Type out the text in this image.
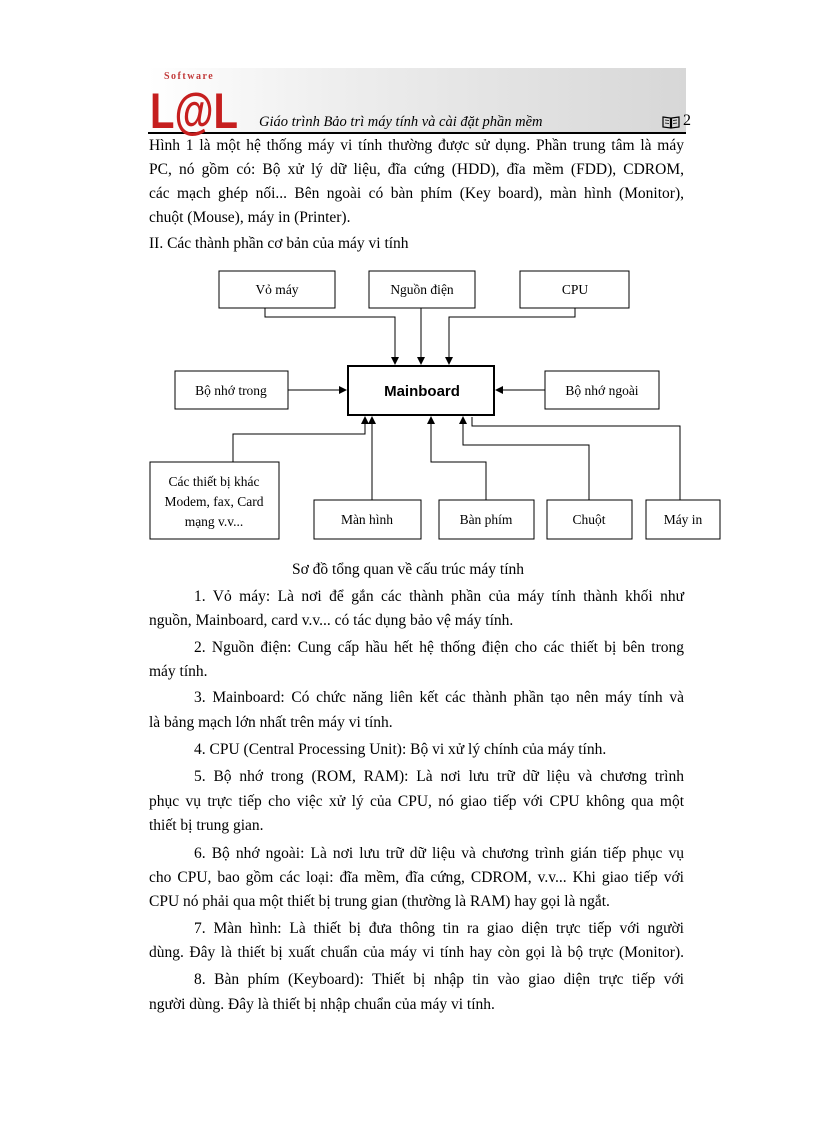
Software
L@L Giáo trình Bảo trì máy tính và cài đặt phần mềm	2
Hình 1 là một hệ thống máy vi tính thường được sử dụng. Phần trung tâm là máy
PC, nó gồm có: Bộ xử lý dữ liệu, đĩa cứng (HDD), đĩa mềm (FDD), CDROM,
các mạch ghép nối... Bên ngoài có bàn phím (Key board), màn hình (Monitor),
chuột (Mouse), máy in (Printer).
II. Các thành phần cơ bản của máy vi tính
Vỏ máy	Nguồn điện	CPU
Mainboard
Bộ nhớ trong	Bộ nhớ ngoài
Các thiết bị khác
Modem, fax, Card
mạng v.v...	Màn hình	Bàn phím	Chuột	Máy in
Sơ đồ tổng quan về cấu trúc máy tính
1. Vỏ máy: Là nơi để gắn các thành phần của máy tính thành khối như
nguồn, Mainboard, card v.v... có tác dụng bảo vệ máy tính.
2. Nguồn điện: Cung cấp hầu hết hệ thống điện cho các thiết bị bên trong
máy tính.
3. Mainboard: Có chức năng liên kết các thành phần tạo nên máy tính và
là bảng mạch lớn nhất trên máy vi tính.
4. CPU (Central Processing Unit): Bộ vi xử lý chính của máy tính.
5. Bộ nhớ trong (ROM, RAM): Là nơi lưu trữ dữ liệu và chương trình
phục vụ trực tiếp cho việc xử lý của CPU, nó giao tiếp với CPU không qua một
thiết bị trung gian.
6. Bộ nhớ ngoài: Là nơi lưu trữ dữ liệu và chương trình gián tiếp phục vụ
cho CPU, bao gồm các loại: đĩa mềm, đĩa cứng, CDROM, v.v... Khi giao tiếp với
CPU nó phải qua một thiết bị trung gian (thường là RAM) hay gọi là ngắt.
7. Màn hình: Là thiết bị đưa thông tin ra giao diện trực tiếp với người
dùng. Đây là thiết bị xuất chuẩn của máy vi tính hay còn gọi là bộ trực (Monitor).
8. Bàn phím (Keyboard): Thiết bị nhập tin vào giao diện trực tiếp với
người dùng. Đây là thiết bị nhập chuẩn của máy vi tính.
